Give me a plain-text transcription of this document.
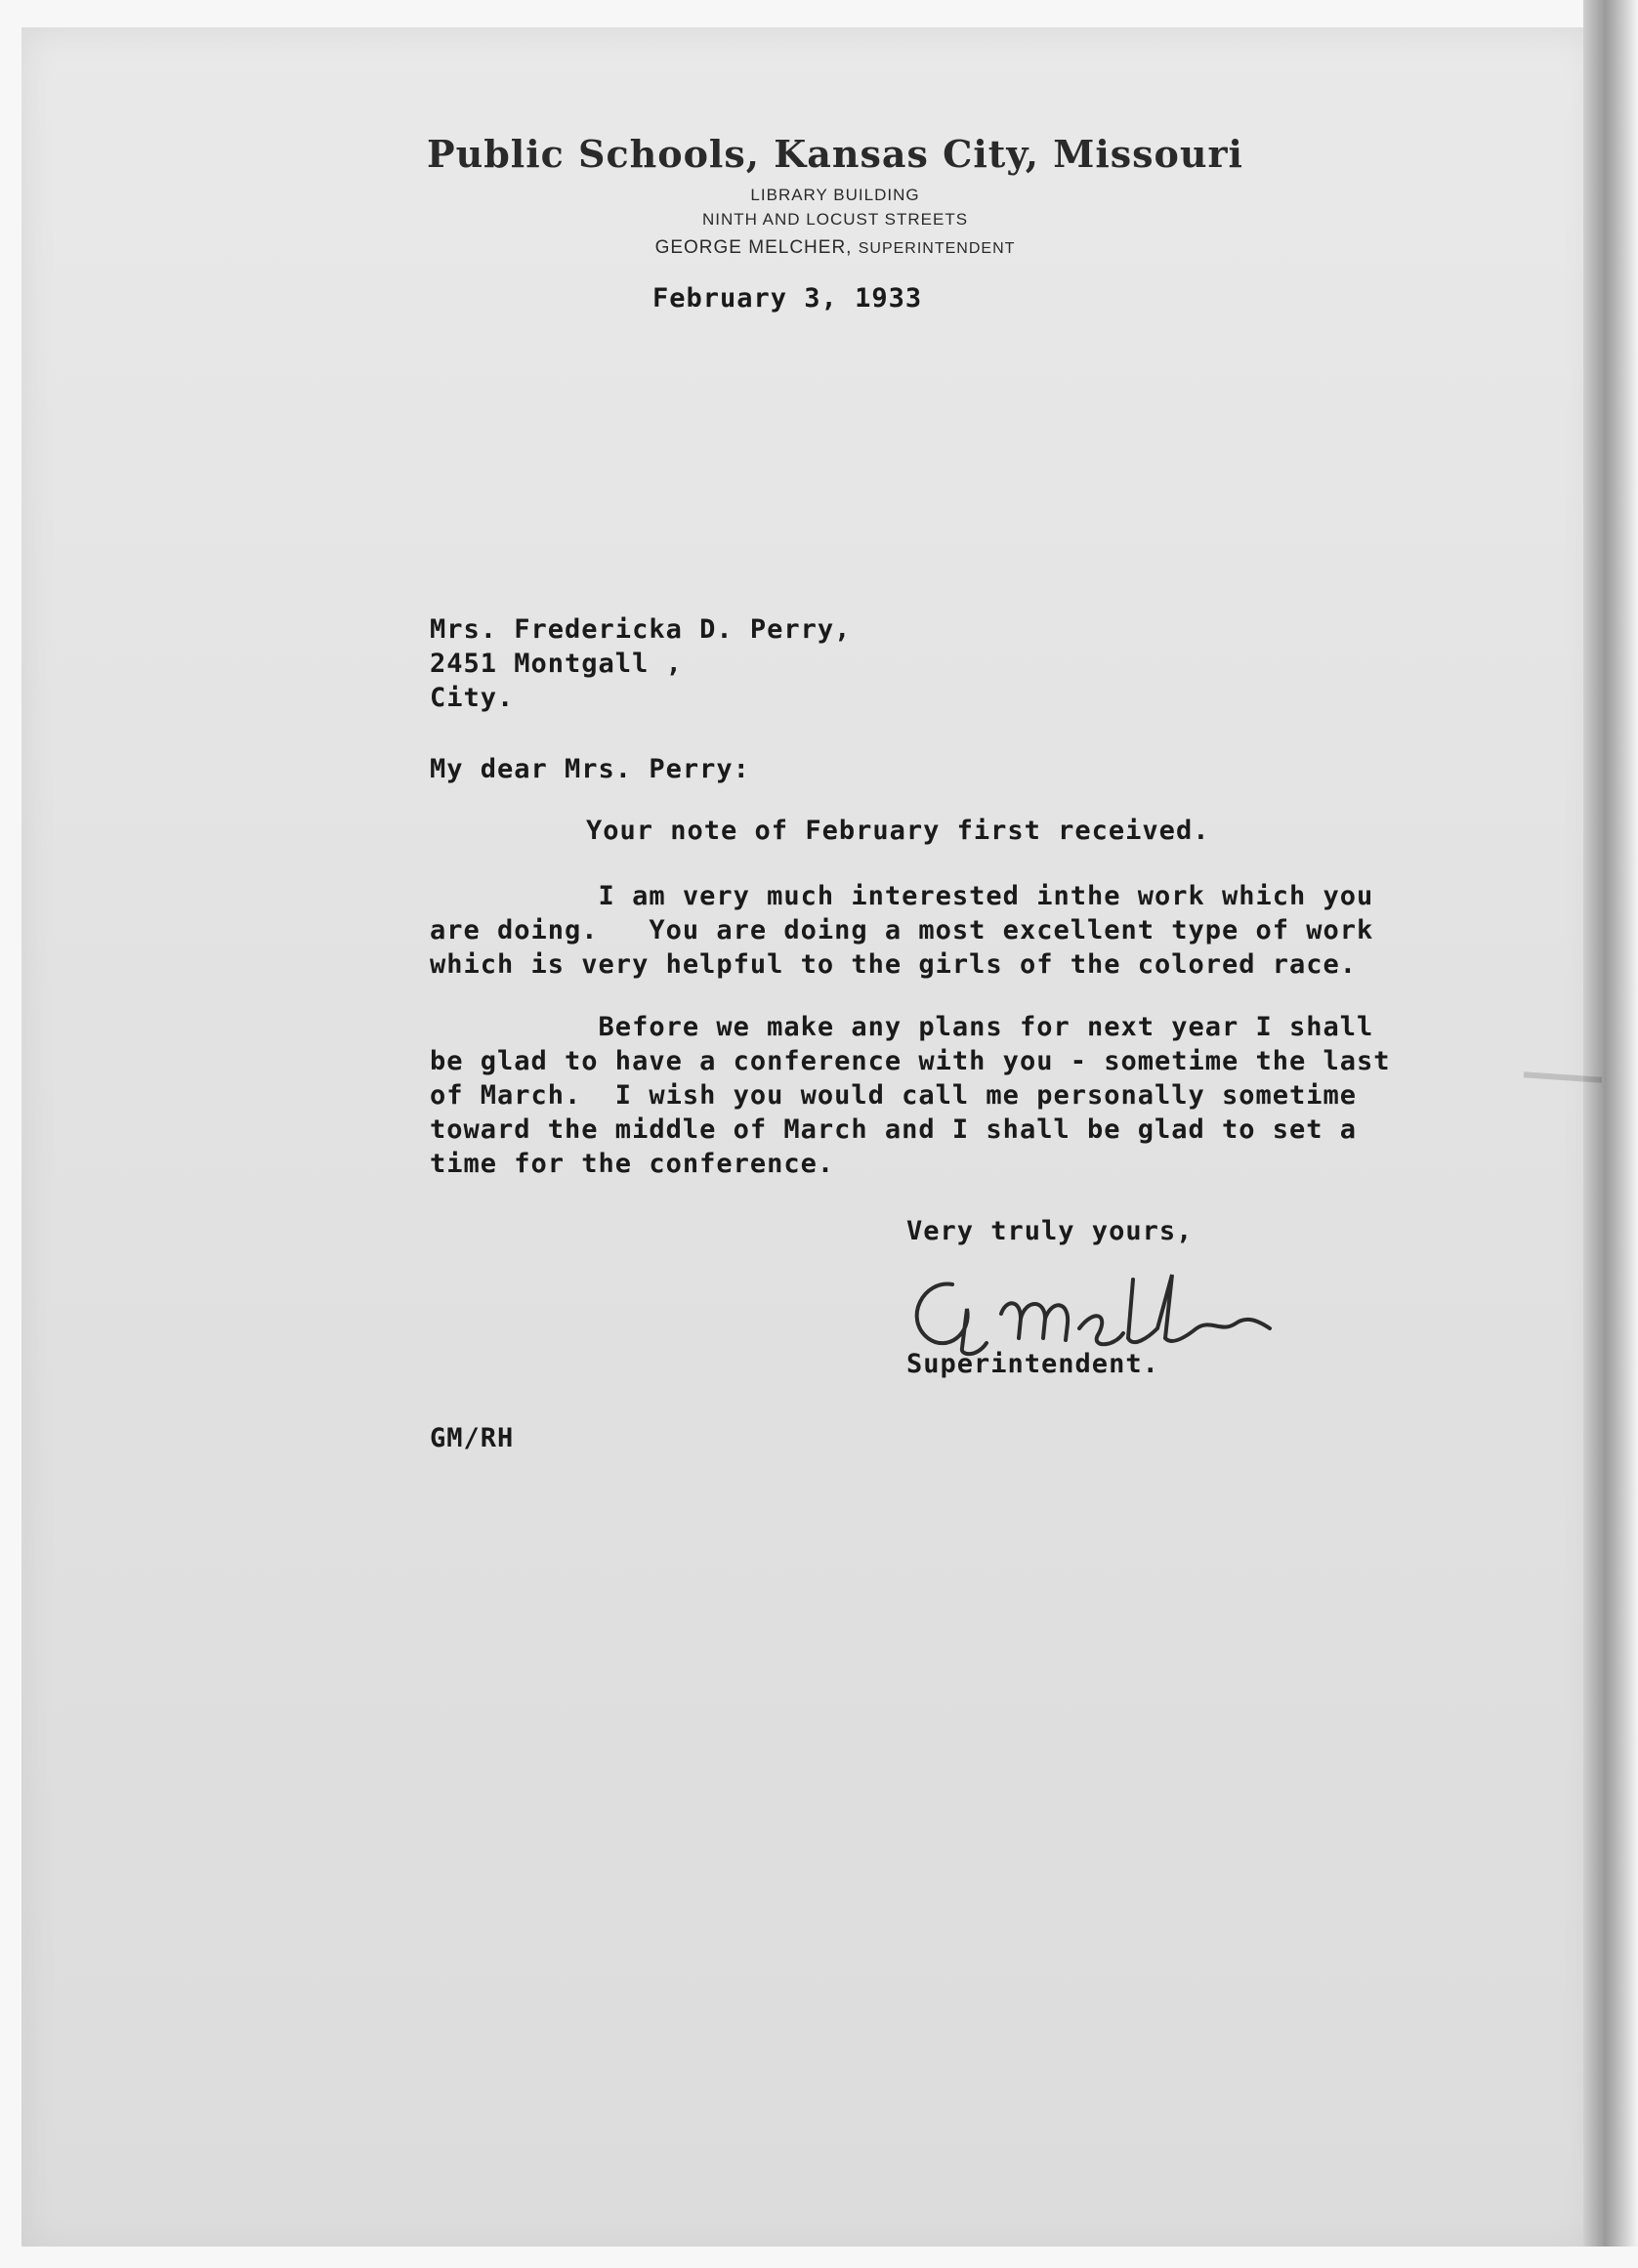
Public Schools, Kansas City, Missouri
LIBRARY BUILDING
NINTH AND LOCUST STREETS
GEORGE MELCHER, SUPERINTENDENT
February 3, 1933
Mrs. Fredericka D. Perry,
2451 Montgall ,
City.
My dear Mrs. Perry:
Your note of February first received.
I am very much interested inthe work which you
are doing.   You are doing a most excellent type of work
which is very helpful to the girls of the colored race.
Before we make any plans for next year I shall
be glad to have a conference with you - sometime the last
of March.  I wish you would call me personally sometime
toward the middle of March and I shall be glad to set a
time for the conference.
Very truly yours,
Superintendent.
GM/RH
